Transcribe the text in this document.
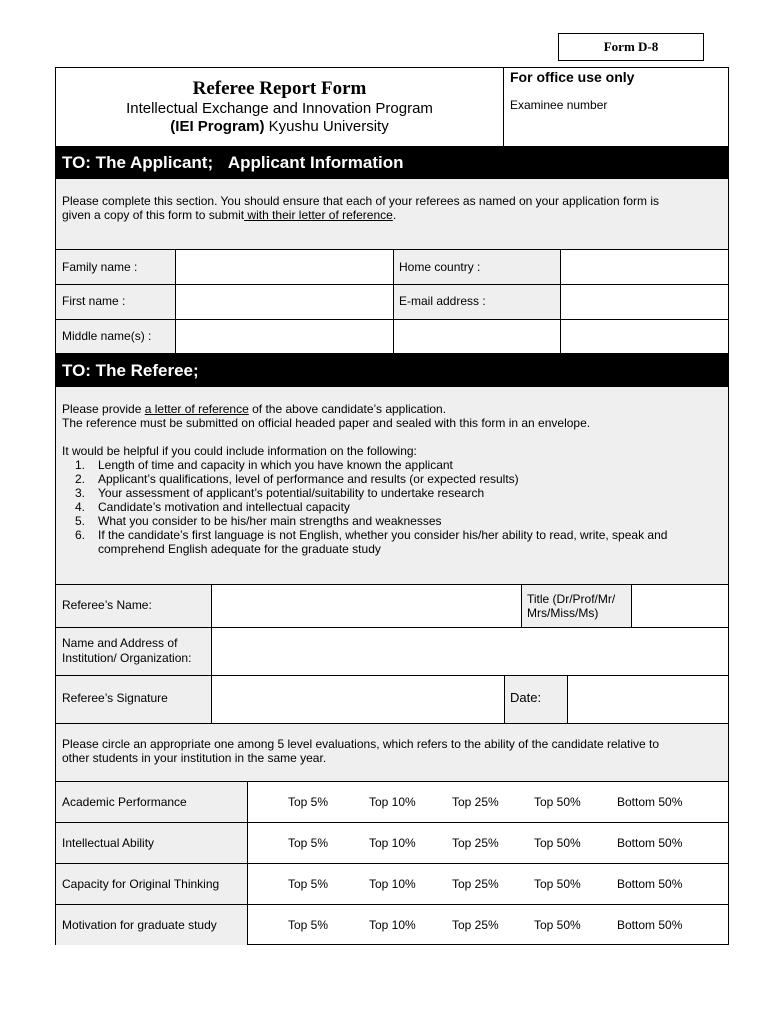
Form D-8
Referee Report Form
Intellectual Exchange and Innovation Program
(IEI Program) Kyushu University
For office use only
Examinee number
TO: The Applicant; Applicant Information
Please complete this section. You should ensure that each of your referees as named on your application form is
given a copy of this form to submit with their letter of reference.
Family name :	Home country :
First name :	E-mail address :
Middle name(s) :
TO: The Referee;
Please provide a letter of reference of the above candidate’s application.
The reference must be submitted on official headed paper and sealed with this form in an envelope.
It would be helpful if you could include information on the following:
1. Length of time and capacity in which you have known the applicant
2. Applicant’s qualifications, level of performance and results (or expected results)
3. Your assessment of applicant’s potential/suitability to undertake research
4. Candidate’s motivation and intellectual capacity
5. What you consider to be his/her main strengths and weaknesses
6. If the candidate’s first language is not English, whether you consider his/her ability to read, write, speak and
comprehend English adequate for the graduate study
Referee’s Name:	Title (Dr/Prof/Mr/
Mrs/Miss/Ms)
Name and Address of
Institution/ Organization:
Referee’s Signature	Date:
Please circle an appropriate one among 5 level evaluations, which refers to the ability of the candidate relative to
other students in your institution in the same year.
Academic Performance	Top 5%	Top 10%	Top 25%	Top 50%	Bottom 50%
Intellectual Ability	Top 5%	Top 10%	Top 25%	Top 50%	Bottom 50%
Capacity for Original Thinking	Top 5%	Top 10%	Top 25%	Top 50%	Bottom 50%
Motivation for graduate study	Top 5%	Top 10%	Top 25%	Top 50%	Bottom 50%
